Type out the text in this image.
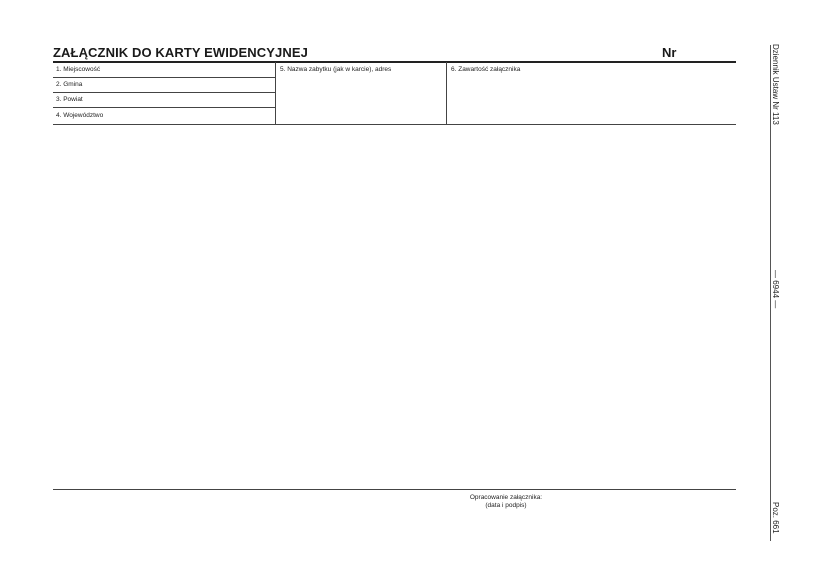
ZAŁĄCZNIK DO KARTY EWIDENCYJNEJ	Nr
1. Miejscowość
2. Gmina
3. Powiat
4. Województwo
5. Nazwa zabytku (jak w karcie), adres	6. Zawartość załącznika
Opracowanie załącznika:
(data i podpis)
Dziennik Ustaw Nr 113
— 6944 —
Poz. 661
